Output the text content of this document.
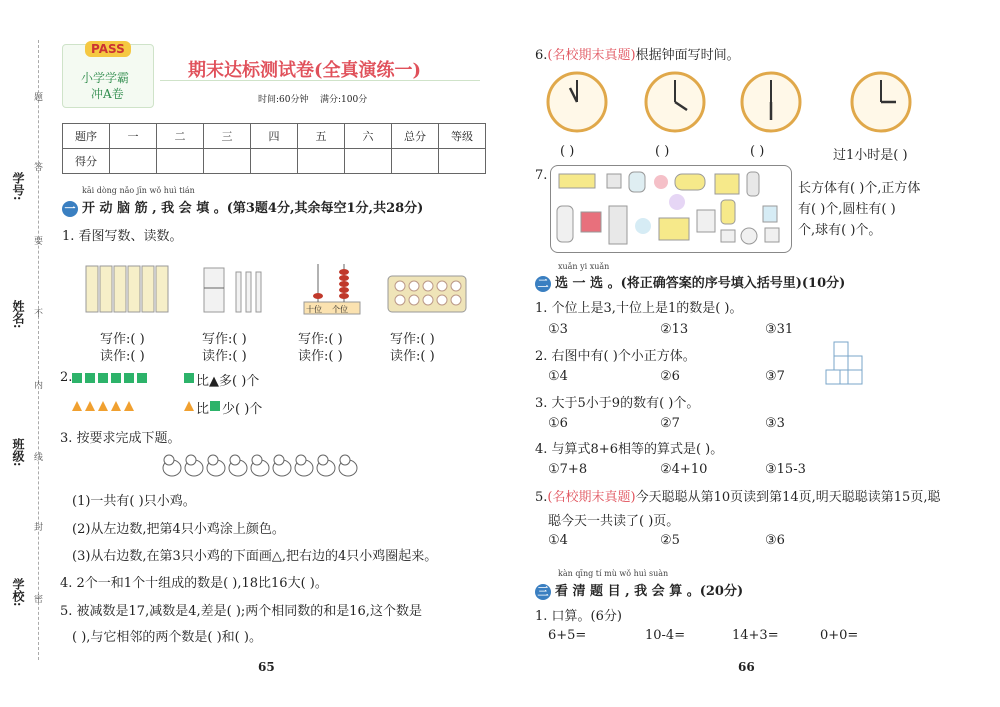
学号:
姓名:
班级:
学校:
题
答
要
不
内
线
封
密
PASS
小学学霸
冲A卷
期末达标测试卷(全真演练一)
时间:60分钟 满分:100分
题序	一	二	三	四	五	六	总分	等级
得分								
kāi dòng nǎo jīn wǒ huì tián
一 开 动 脑 筋 , 我 会 填 。(第3题4分,其余每空1分,共28分)
1. 看图写数、读数。
十位 个位
写作:( )
读作:( )
写作:( )
读作:( )
写作:( )
读作:( )
写作:( )
读作:( )
2.	比▲多( )个
比 少( )个
3. 按要求完成下题。
(1)一共有( )只小鸡。
(2)从左边数,把第4只小鸡涂上颜色。
(3)从右边数,在第3只小鸡的下面画△,把右边的4只小鸡圈起来。
4. 2个一和1个十组成的数是( ),18比16大( )。
5. 被减数是17,减数是4,差是( );两个相同数的和是16,这个数是
( ),与它相邻的两个数是( )和( )。
65
6.(名校期末真题)根据钟面写时间。
( )	( )	( )	过1小时是( )
7.
长方体有( )个,正方体
有( )个,圆柱有( )
个,球有( )个。
xuǎn yi xuǎn
二 选 一 选 。(将正确答案的序号填入括号里)(10分)
1. 个位上是3,十位上是1的数是( )。
①3	②13	③31
2. 右图中有( )个小正方体。
①4	②6	③7
3. 大于5小于9的数有( )个。
①6	②7	③3
4. 与算式8+6相等的算式是( )。
①7+8	②4+10	③15-3
5.(名校期末真题)今天聪聪从第10页读到第14页,明天聪聪读第15页,聪
聪今天一共读了( )页。
①4	②5	③6
kàn qīng tí mù wǒ huì suàn
三 看 清 题 目 , 我 会 算 。(20分)
1. 口算。(6分)
6+5=	10-4=	14+3=	0+0=
66
